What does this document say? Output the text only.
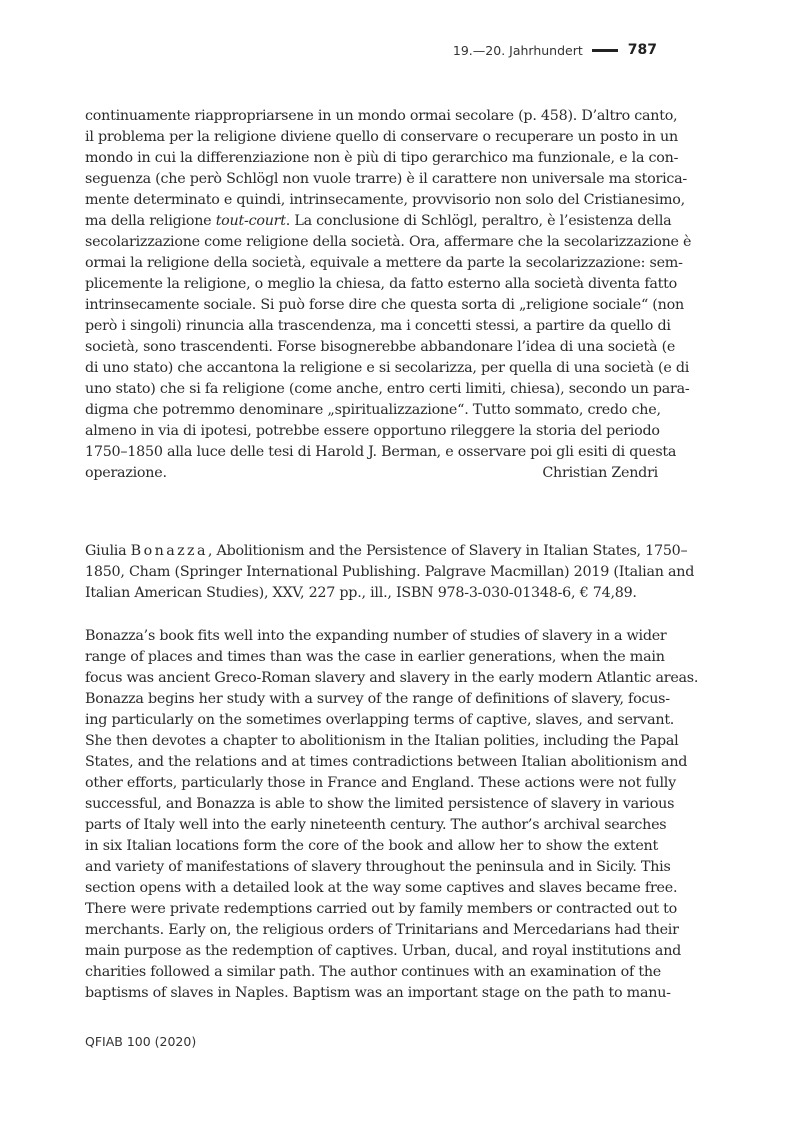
19.—20. Jahrhundert	787
continuamente riappropriarsene in un mondo ormai secolare (p. 458). D’altro canto,
il problema per la religione diviene quello di conservare o recuperare un posto in un
mondo in cui la differenziazione non è più di tipo gerarchico ma funzionale, e la con-
seguenza (che però Schlögl non vuole trarre) è il carattere non universale ma storica-
mente determinato e quindi, intrinsecamente, provvisorio non solo del Cristianesimo,
ma della religione tout-court. La conclusione di Schlögl, peraltro, è l’esistenza della
secolarizzazione come religione della società. Ora, affermare che la secolarizzazione è
ormai la religione della società, equivale a mettere da parte la secolarizzazione: sem-
plicemente la religione, o meglio la chiesa, da fatto esterno alla società diventa fatto
intrinsecamente sociale. Si può forse dire che questa sorta di „religione sociale“ (non
però i singoli) rinuncia alla trascendenza, ma i concetti stessi, a partire da quello di
società, sono trascendenti. Forse bisognerebbe abbandonare l’idea di una società (e
di uno stato) che accantona la religione e si secolarizza, per quella di una società (e di
uno stato) che si fa religione (come anche, entro certi limiti, chiesa), secondo un para-
digma che potremmo denominare „spiritualizzazione“. Tutto sommato, credo che,
almeno in via di ipotesi, potrebbe essere opportuno rileggere la storia del periodo
1750–1850 alla luce delle tesi di Harold J. Berman, e osservare poi gli esiti di questa
operazione.	Christian Zendri
Giulia Bonazza, Abolitionism and the Persistence of Slavery in Italian States, 1750–
1850, Cham (Springer International Publishing. Palgrave Macmillan) 2019 (Italian and
Italian American Studies), XXV, 227 pp., ill., ISBN 978-3-030-01348-6, € 74,89.
Bonazza’s book fits well into the expanding number of studies of slavery in a wider
range of places and times than was the case in earlier generations, when the main
focus was ancient Greco-Roman slavery and slavery in the early modern Atlantic areas.
Bonazza begins her study with a survey of the range of definitions of slavery, focus-
ing particularly on the sometimes overlapping terms of captive, slaves, and servant.
She then devotes a chapter to abolitionism in the Italian polities, including the Papal
States, and the relations and at times contradictions between Italian abolitionism and
other efforts, particularly those in France and England. These actions were not fully
successful, and Bonazza is able to show the limited persistence of slavery in various
parts of Italy well into the early nineteenth century. The author’s archival searches
in six Italian locations form the core of the book and allow her to show the extent
and variety of manifestations of slavery throughout the peninsula and in Sicily. This
section opens with a detailed look at the way some captives and slaves became free.
There were private redemptions carried out by family members or contracted out to
merchants. Early on, the religious orders of Trinitarians and Mercedarians had their
main purpose as the redemption of captives. Urban, ducal, and royal institutions and
charities followed a similar path. The author continues with an examination of the
baptisms of slaves in Naples. Baptism was an important stage on the path to manu-
QFIAB 100 (2020)
